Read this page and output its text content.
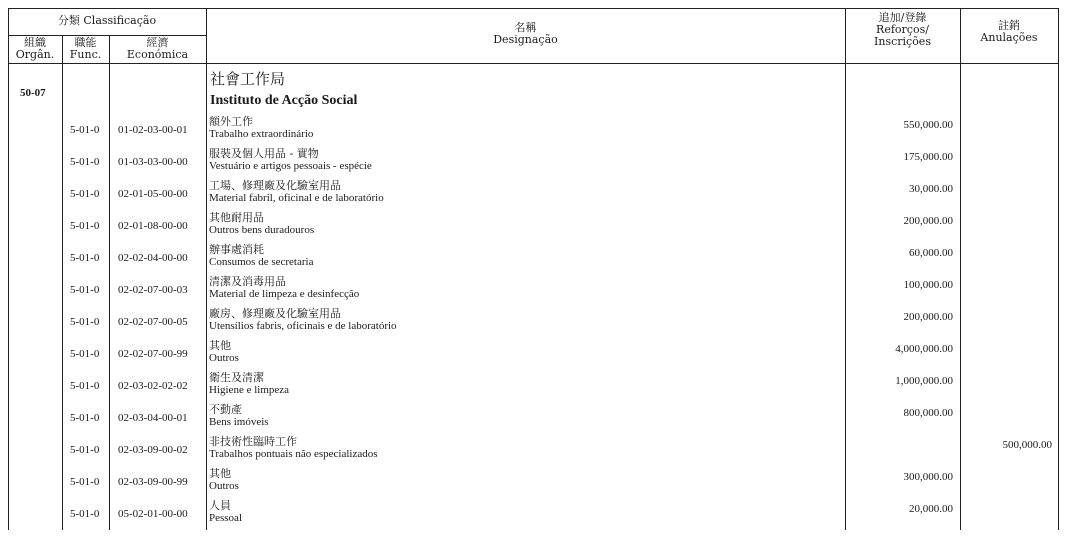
分類 Classificação
組織
Orgân.
職能
Func.
經濟
Económica
名稱
Designação
追加/登錄
Reforços/
Inscrições
註銷
Anulações
50-07
社會工作局
Instituto de Acção Social
5-01-0 01-02-03-00-01
額外工作
Trabalho extraordinário
550,000.00
5-01-0 01-03-03-00-00
服裝及個人用品 - 實物
Vestuário e artigos pessoais - espécie
175,000.00
5-01-0 02-01-05-00-00
工場、修理廠及化驗室用品
Material fabril, oficinal e de laboratório
30,000.00
5-01-0 02-01-08-00-00
其他耐用品
Outros bens duradouros
200,000.00
5-01-0 02-02-04-00-00
辦事處消耗
Consumos de secretaria
60,000.00
5-01-0 02-02-07-00-03
清潔及消毒用品
Material de limpeza e desinfecção
100,000.00
5-01-0 02-02-07-00-05
廠房、修理廠及化驗室用品
Utensílios fabris, oficinais e de laboratório
200,000.00
5-01-0 02-02-07-00-99
其他
Outros
4,000,000.00
5-01-0 02-03-02-02-02
衛生及清潔
Higiene e limpeza
1,000,000.00
5-01-0 02-03-04-00-01
不動產
Bens imóveis
800,000.00
5-01-0 02-03-09-00-02
非技術性臨時工作
Trabalhos pontuais não especializados
500,000.00
5-01-0 02-03-09-00-99
其他
Outros
300,000.00
5-01-0 05-02-01-00-00
人員
Pessoal
20,000.00
